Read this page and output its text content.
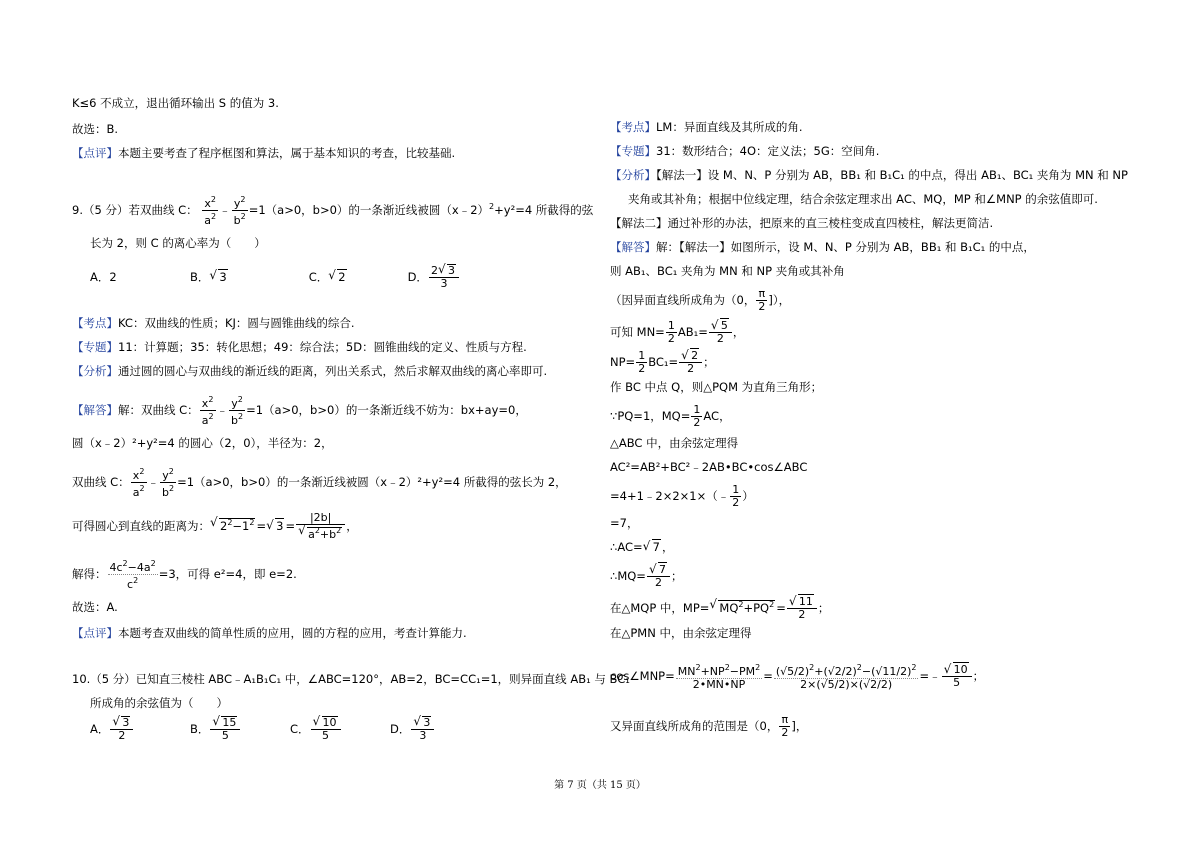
K≤6 不成立，退出循环输出 S 的值为 3.
故选：B.
【点评】本题主要考查了程序框图和算法，属于基本知识的考查，比较基础.
9.（5 分）若双曲线 C： $\frac{x^2}{a^2}$ ﹣ $\frac{y^2}{b^2} =1(a>0$，b>0）的一条渐近线被圆（x﹣2）$^2$+y²=4 所截得的弦
长为 2，则 C 的离心率为（　　）
A．2	B． √ 3	C． √ 2	D． $\frac{2 √ 3}{3}$
【考点】KC：双曲线的性质；KJ：圆与圆锥曲线的综合.
【专题】11：计算题；35：转化思想；49：综合法；5D：圆锥曲线的定义、性质与方程.
【分析】通过圆的圆心与双曲线的渐近线的距离，列出关系式，然后求解双曲线的离心率即可.
【解答】解：双曲线 C： $\frac{x^2}{a^2}$ ﹣ $\frac{y^2}{b^2} =1(a>0$，b>0）的一条渐近线不妨为：bx+ay=0，
圆（x﹣2）²+y²=4 的圆心（2，0），半径为：2，
双曲线 C： $\frac{x^2}{a^2}$ ﹣ $\frac{y^2}{b^2} =1(a>0$，b>0）的一条渐近线被圆（x﹣2）²+y²=4 所截得的弦长为 2，
可得圆心到直线的距离为： √ $2^2-1^2$ = √ 3 = |2b|
√ $a^2+b^2$ ，
解得： $\frac{4c^2-4a^2}{c^2} =3$，可得 e²=4，即 e=2.
故选：A.
【点评】本题考查双曲线的简单性质的应用，圆的方程的应用，考查计算能力.
10.（5 分）已知直三棱柱 ABC﹣A₁B₁C₁ 中，∠ABC=120°，AB=2，BC=CC₁=1，则异面直线 AB₁ 与 BC₁
所成角的余弦值为（　　）
A． √ $\frac{3}{2}$	B． √ $\frac{15}{5}$	C． √ $\frac{10}{5}$	D． √ $\frac{3}{3}$
【考点】LM：异面直线及其所成的角.
【专题】31：数形结合；4O：定义法；5G：空间角.
【分析】【解法一】设 M、N、P 分别为 AB，BB₁ 和 B₁C₁ 的中点，得出 AB₁、BC₁ 夹角为 MN 和 NP
夹角或其补角；根据中位线定理，结合余弦定理求出 AC、MQ，MP 和∠MNP 的余弦值即可.
【解法二】通过补形的办法，把原来的直三棱柱变成直四棱柱，解法更简洁.
【解答】解：【解法一】如图所示，设 M、N、P 分别为 AB，BB₁ 和 B₁C₁ 的中点，
则 AB₁、BC₁ 夹角为 MN 和 NP 夹角或其补角
（因异面直线所成角为（0， $\frac{\pi}{2}$ ]），
可知 $MN= \frac{1}{2} AB_1=$ √ $\frac{5}{2}$ ，
$NP= \frac{1}{2} BC_1=$ √ $\frac{2}{2}$ ；
作 BC 中点 Q，则△PQM 为直角三角形；
∵PQ=1，$MQ= \frac{1}{2}$ AC，
△ABC 中，由余弦定理得
AC²=AB²+BC²﹣2AB•BC•cos∠ABC
=4+1﹣2×2×1×（﹣ $\frac{1}{2}$ ）
=7，
∴AC= √ 7 ，
∴MQ= √ $\frac{7}{2}$ ；
在△MQP 中，MP= √ $MQ^2+PQ^2$ = √ $\frac{11}{2}$ ；
在△PMN 中，由余弦定理得
cos∠MNP= $\frac{MN^2+NP^2-PM^2}{2•MN•NP} = \frac{(√5/2)^2+(√2/2)^2-(√11/2)^2}{2\times(√5/2)\times(√2/2)}$ =﹣ √ $\frac{10}{5}$ ；
又异面直线所成角的范围是（0， $\frac{\pi}{2}$ ]，
第 7 页（共 15 页）
